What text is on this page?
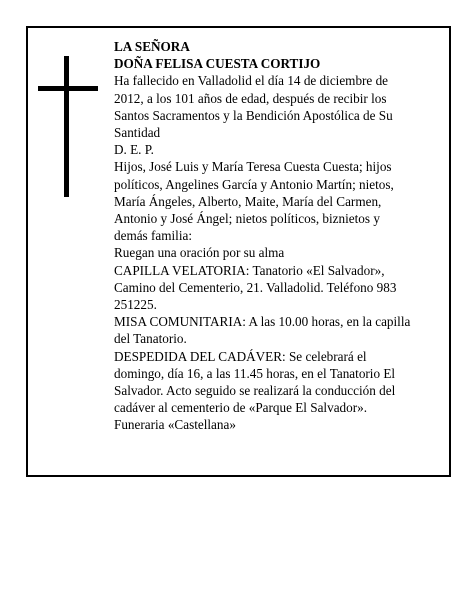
LA SEÑORA

DOÑA FELISA CUESTA CORTIJO

Ha fallecido en Valladolid el día 14 de diciembre de 2012, a los 101 años de edad, después de recibir los Santos Sacramentos y la Bendición Apostólica de Su Santidad

D. E. P.

Hijos, José Luis y María Teresa Cuesta Cuesta; hijos políticos, Angelines García y Antonio Martín; nietos, María Ángeles, Alberto, Maite, María del Carmen, Antonio y José Ángel; nietos políticos, biznietos y demás familia:

Ruegan una oración por su alma

CAPILLA VELATORIA: Tanatorio «El Salvador», Camino del Cementerio, 21. Valladolid. Teléfono 983 251225.

MISA COMUNITARIA: A las 10.00 horas, en la capilla del Tanatorio.

DESPEDIDA DEL CADÁVER: Se celebrará el domingo, día 16, a las 11.45 horas, en el Tanatorio El Salvador. Acto seguido se realizará la conducción del cadáver al cementerio de «Parque El Salvador».

Funeraria «Castellana»
